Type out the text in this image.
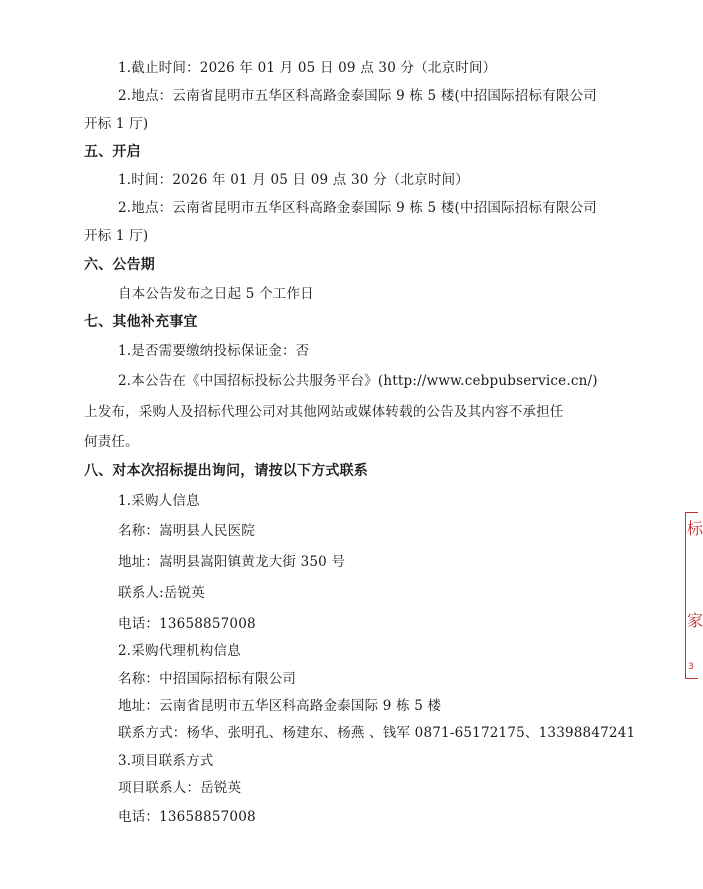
1.截止时间：2026 年 01 月 05 日 09 点 30 分（北京时间）
2.地点：云南省昆明市五华区科高路金泰国际 9 栋 5 楼(中招国际招标有限公司
开标 1 厅)
五、开启
1.时间：2026 年 01 月 05 日 09 点 30 分（北京时间）
2.地点：云南省昆明市五华区科高路金泰国际 9 栋 5 楼(中招国际招标有限公司
开标 1 厅)
六、公告期
自本公告发布之日起 5 个工作日
七、其他补充事宜
1.是否需要缴纳投标保证金：否
2.本公告在《中国招标投标公共服务平台》(http://www.cebpubservice.cn/)
上发布，采购人及招标代理公司对其他网站或媒体转载的公告及其内容不承担任
何责任。
八、对本次招标提出询问，请按以下方式联系
1.采购人信息
名称：嵩明县人民医院
地址：嵩明县嵩阳镇黄龙大街 350 号
联系人:岳锐英
电话：13658857008
2.采购代理机构信息
名称：中招国际招标有限公司
地址：云南省昆明市五华区科高路金泰国际 9 栋 5 楼
联系方式：杨华、张明孔、杨建东、杨燕 、钱军 0871-65172175、13398847241
3.项目联系方式
项目联系人：岳锐英
电话：13658857008
标
家
3
